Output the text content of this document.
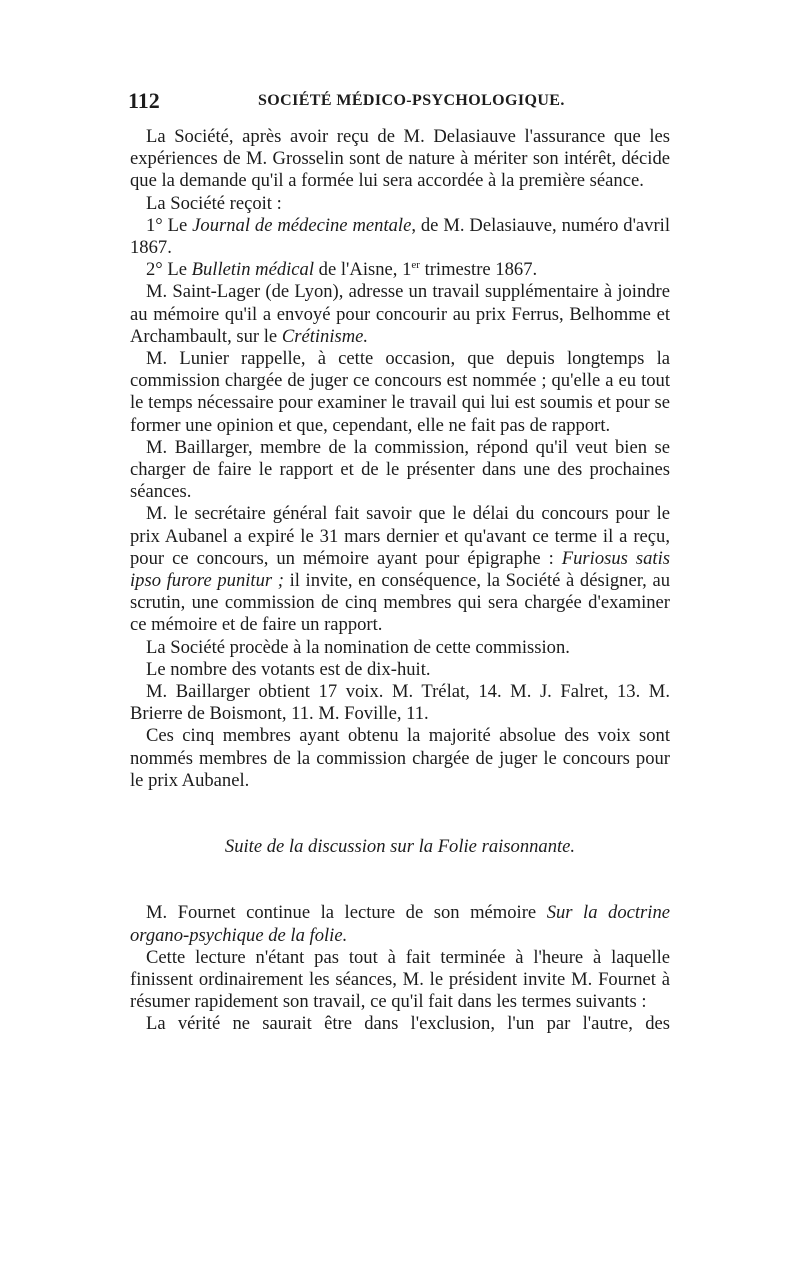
112	SOCIÉTÉ MÉDICO-PSYCHOLOGIQUE.

La Société, après avoir reçu de M. Delasiauve l'assurance que les expériences de M. Grosselin sont de nature à mériter son intérêt, décide que la demande qu'il a formée lui sera accordée à la première séance.

La Société reçoit :

1° Le Journal de médecine mentale, de M. Delasiauve, numéro d'avril 1867.

2° Le Bulletin médical de l'Aisne, 1er trimestre 1867.

M. Saint-Lager (de Lyon), adresse un travail supplémentaire à joindre au mémoire qu'il a envoyé pour concourir au prix Ferrus, Belhomme et Archambault, sur le Crétinisme.

M. Lunier rappelle, à cette occasion, que depuis longtemps la commission chargée de juger ce concours est nommée ; qu'elle a eu tout le temps nécessaire pour examiner le travail qui lui est soumis et pour se former une opinion et que, cependant, elle ne fait pas de rapport.

M. Baillarger, membre de la commission, répond qu'il veut bien se charger de faire le rapport et de le présenter dans une des prochaines séances.

M. le secrétaire général fait savoir que le délai du concours pour le prix Aubanel a expiré le 31 mars dernier et qu'avant ce terme il a reçu, pour ce concours, un mémoire ayant pour épigraphe : Furiosus satis ipso furore punitur ; il invite, en conséquence, la Société à désigner, au scrutin, une commission de cinq membres qui sera chargée d'examiner ce mémoire et de faire un rapport.

La Société procède à la nomination de cette commission.

Le nombre des votants est de dix-huit.

M. Baillarger obtient 17 voix. M. Trélat, 14. M. J. Falret, 13. M. Brierre de Boismont, 11. M. Foville, 11.

Ces cinq membres ayant obtenu la majorité absolue des voix sont nommés membres de la commission chargée de juger le concours pour le prix Aubanel.

Suite de la discussion sur la Folie raisonnante.

M. Fournet continue la lecture de son mémoire Sur la doctrine organo-psychique de la folie.

Cette lecture n'étant pas tout à fait terminée à l'heure à laquelle finissent ordinairement les séances, M. le président invite M. Fournet à résumer rapidement son travail, ce qu'il fait dans les termes suivants :

La vérité ne saurait être dans l'exclusion, l'un par l'autre, des
